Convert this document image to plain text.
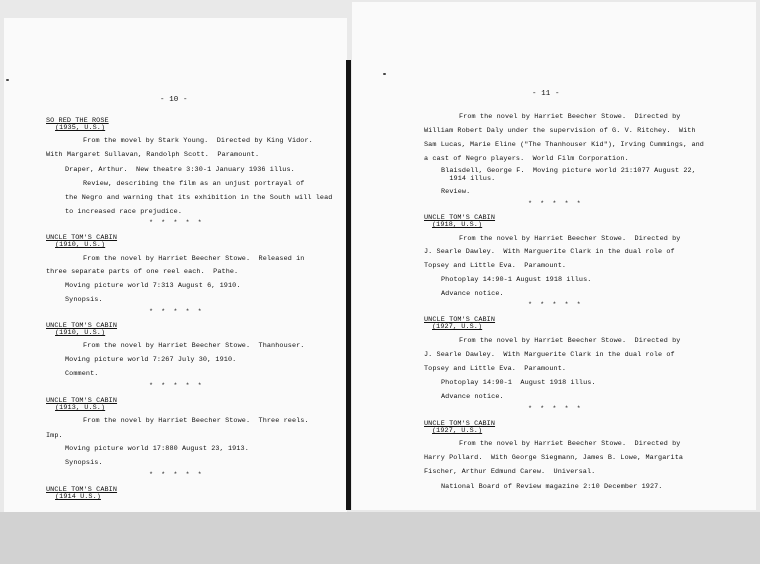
- 10 -
SO RED THE ROSE
(1935, U.S.)
From the movel by Stark Young.  Directed by King Vidor.
With Margaret Sullavan, Randolph Scott.  Paramount.
Draper, Arthur.  New theatre 3:30-1 January 1936 illus.
Review, describing the film as an unjust portrayal of
the Negro and warning that its exhibition in the South will lead
to increased race prejudice.
* * * * *
UNCLE TOM'S CABIN
(1910, U.S.)
From the novel by Harriet Beecher Stowe.  Released in
three separate parts of one reel each.  Pathe.
Moving picture world 7:313 August 6, 1910.
Synopsis.
* * * * *
UNCLE TOM'S CABIN
(1910, U.S.)
From the novel by Harriet Beecher Stowe.  Thanhouser.
Moving picture world 7:267 July 30, 1910.
Comment.
* * * * *
UNCLE TOM'S CABIN
(1913, U.S.)
From the novel by Harriet Beecher Stowe.  Three reels.
Imp.
Moving picture world 17:880 August 23, 1913.
Synopsis.
* * * * *
UNCLE TOM'S CABIN
(1914 U.S.)
- 11 -
From the novel by Harriet Beecher Stowe.  Directed by
William Robert Daly under the supervision of G. V. Ritchey.  With
Sam Lucas, Marie Eline ("The Thanhouser Kid"), Irving Cummings, and
a cast of Negro players.  World Film Corporation.
Blaisdell, George F.  Moving picture world 21:1077 August 22,
1914 illus.
Review.
* * * * *
UNCLE TOM'S CABIN
(1918, U.S.)
From the novel by Harriet Beecher Stowe.  Directed by
J. Searle Dawley.  With Marguerite Clark in the dual role of
Topsey and Little Eva.  Paramount.
Photoplay 14:90-1 August 1918 illus.
Advance notice.
* * * * *
UNCLE TOM'S CABIN
(1927, U.S.)
From the novel by Harriet Beecher Stowe.  Directed by
J. Searle Dawley.  With Marguerite Clark in the dual role of
Topsey and Little Eva.  Paramount.
Photoplay 14:90-1  August 1918 illus.
Advance notice.
* * * * *
UNCLE TOM'S CABIN
(1927, U.S.)
From the novel by Harriet Beecher Stowe.  Directed by
Harry Pollard.  With George Siegmann, James B. Lowe, Margarita
Fischer, Arthur Edmund Carew.  Universal.
National Board of Review magazine 2:10 December 1927.
